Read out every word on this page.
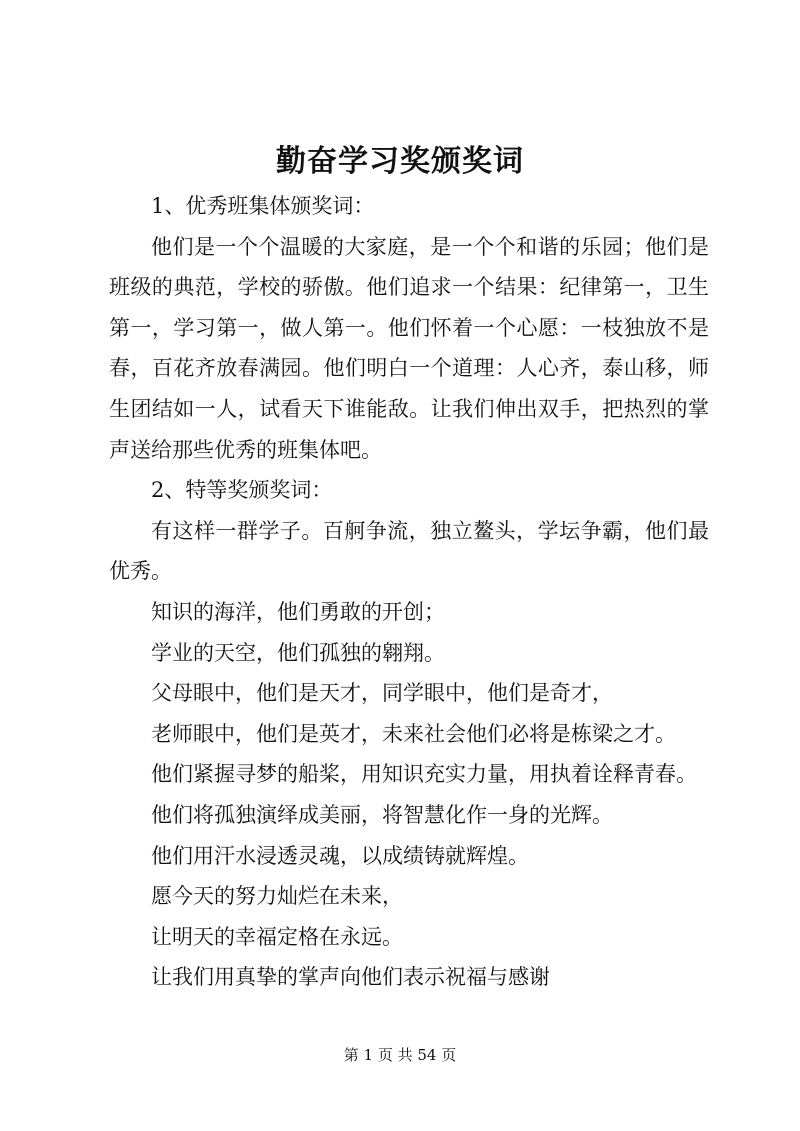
勤奋学习奖颁奖词

1、优秀班集体颁奖词：

他们是一个个温暖的大家庭，是一个个和谐的乐园；他们是班级的典范，学校的骄傲。他们追求一个结果：纪律第一，卫生第一，学习第一，做人第一。他们怀着一个心愿：一枝独放不是春，百花齐放春满园。他们明白一个道理：人心齐，泰山移，师生团结如一人，试看天下谁能敌。让我们伸出双手，把热烈的掌声送给那些优秀的班集体吧。

2、特等奖颁奖词：

有这样一群学子。百舸争流，独立鳌头，学坛争霸，他们最优秀。

知识的海洋，他们勇敢的开创；

学业的天空，他们孤独的翱翔。

父母眼中，他们是天才，同学眼中，他们是奇才，

老师眼中，他们是英才，未来社会他们必将是栋梁之才。

他们紧握寻梦的船桨，用知识充实力量，用执着诠释青春。

他们将孤独演绎成美丽，将智慧化作一身的光辉。

他们用汗水浸透灵魂，以成绩铸就辉煌。

愿今天的努力灿烂在未来，

让明天的幸福定格在永远。

让我们用真挚的掌声向他们表示祝福与感谢

第 1 页 共 54 页
